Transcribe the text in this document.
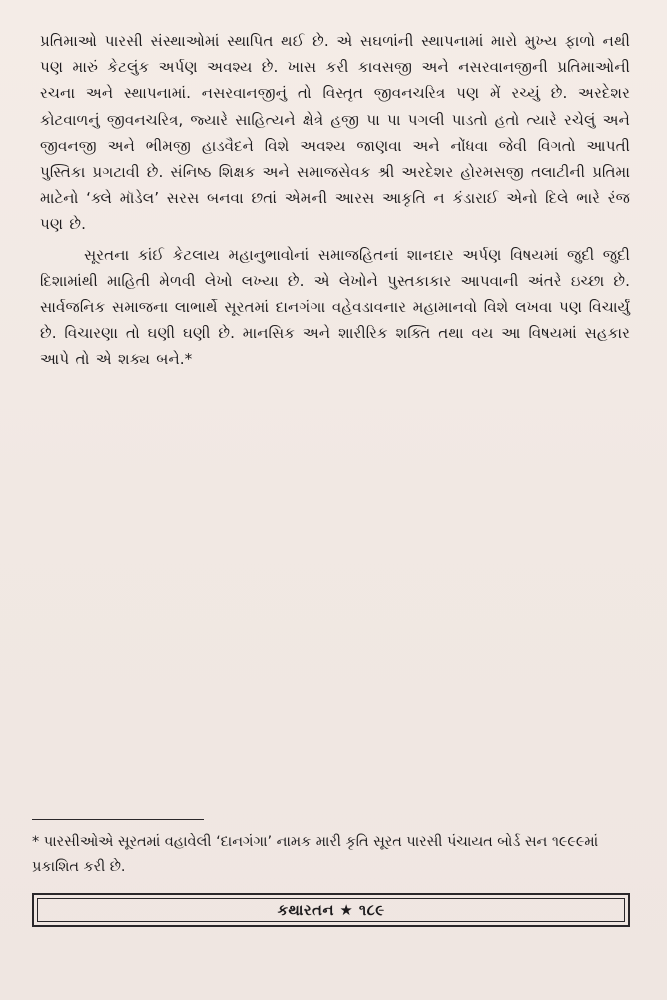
પ્રતિમાઓ પારસી સંસ્થાઓમાં સ્થાપિત થઈ છે. એ સઘળાંની સ્થાપનામાં મારો મુખ્ય ફાળો નથી પણ મારું કેટલુંક અર્પણ અવશ્ય છે. ખાસ કરી કાવસજી અને નસરવાનજીની પ્રતિમાઓની રચના અને સ્થાપનામાં. નસરવાનજીનું તો વિસ્તૃત જીવનચરિત્ર પણ મેં રચ્યું છે. અરદેશર કોટવાળનું જીવનચરિત્ર, જ્યારે સાહિત્યને ક્ષેત્રે હજી પા પા પગલી પાડતો હતો ત્યારે રચેલું અને જીવનજી અને ભીમજી હાડવૈદને વિશે અવશ્ય જાણવા અને નોંધવા જેવી વિગતો આપતી પુસ્તિકા પ્રગટાવી છે. સંનિષ્ઠ શિક્ષક અને સમાજસેવક શ્રી અરદેશર હોરમસજી તલાટીની પ્રતિમા માટેનો ‘ક્લે મૉડેલ’ સરસ બનવા છતાં એમની આરસ આકૃતિ ન કંડારાઈ એનો દિલે ભારે રંજ પણ છે.

સૂરતના કાંઈ કેટલાય મહાનુભાવોનાં સમાજહિતનાં શાનદાર અર્પણ વિષયમાં જુદી જુદી દિશામાંથી માહિતી મેળવી લેખો લખ્યા છે. એ લેખોને પુસ્તકાકાર આપવાની અંતરે ઇચ્છા છે. સાર્વજનિક સમાજના લાભાર્થે સૂરતમાં દાનગંગા વહેવડાવનાર મહામાનવો વિશે લખવા પણ વિચાર્યું છે. વિચારણા તો ઘણી ઘણી છે. માનસિક અને શારીરિક શક્તિ તથા વય આ વિષયમાં સહકાર આપે તો એ શક્ય બને.*

* પારસીઓએ સૂરતમાં વહાવેલી ‘દાનગંગા’ નામક મારી કૃતિ સૂરત પારસી પંચાયત બોર્ડ સન ૧૯૯૯માં પ્રકાશિત કરી છે.

કથારતન ★ ૧૮૯
